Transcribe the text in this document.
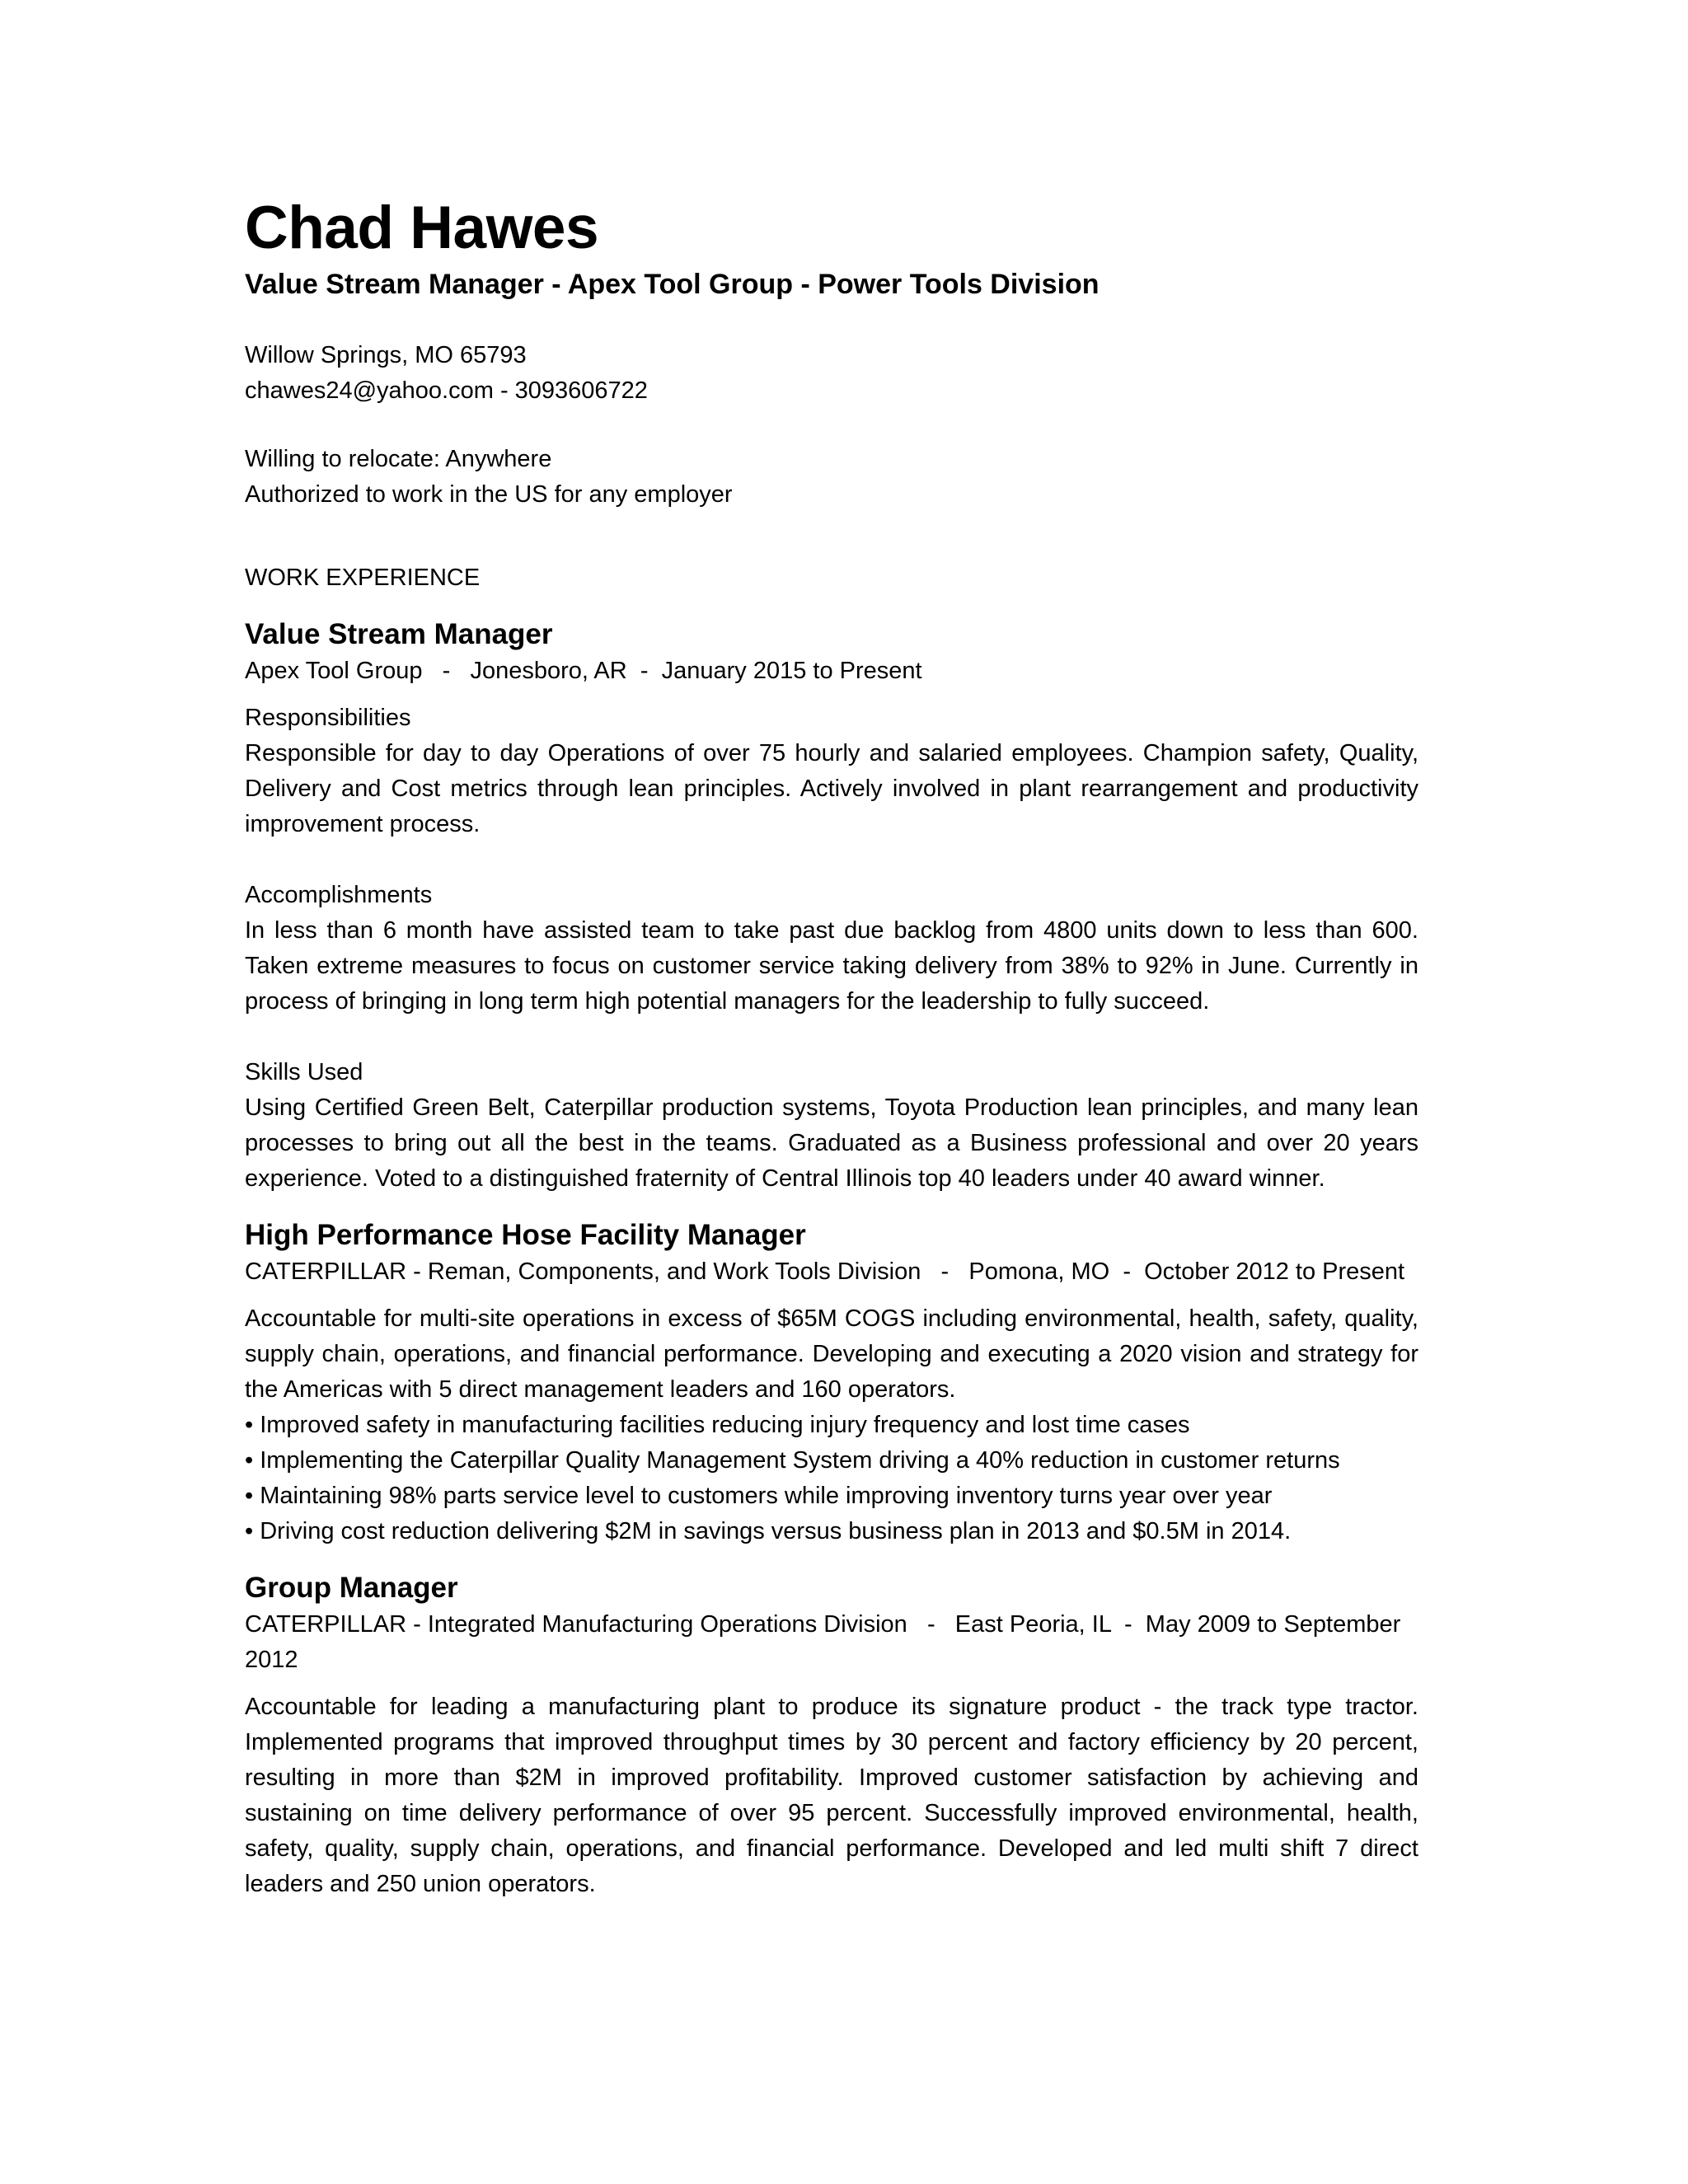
Chad Hawes
Value Stream Manager - Apex Tool Group - Power Tools Division
Willow Springs, MO 65793
chawes24@yahoo.com - 3093606722
Willing to relocate: Anywhere
Authorized to work in the US for any employer
WORK EXPERIENCE
Value Stream Manager
Apex Tool Group   -   Jonesboro, AR  -  January 2015 to Present
Responsibilities
Responsible for day to day Operations of over 75 hourly and salaried employees. Champion safety, Quality, Delivery and Cost metrics through lean principles. Actively involved in plant rearrangement and productivity improvement process.
Accomplishments
In less than 6 month have assisted team to take past due backlog from 4800 units down to less than 600. Taken extreme measures to focus on customer service taking delivery from 38% to 92% in June. Currently in process of bringing in long term high potential managers for the leadership to fully succeed.
Skills Used
Using Certified Green Belt, Caterpillar production systems, Toyota Production lean principles, and many lean processes to bring out all the best in the teams. Graduated as a Business professional and over 20 years experience. Voted to a distinguished fraternity of Central Illinois top 40 leaders under 40 award winner.
High Performance Hose Facility Manager
CATERPILLAR - Reman, Components, and Work Tools Division   -   Pomona, MO  -  October 2012 to Present
Accountable for multi-site operations in excess of $65M COGS including environmental, health, safety, quality, supply chain, operations, and financial performance. Developing and executing a 2020 vision and strategy for the Americas with 5 direct management leaders and 160 operators.
• Improved safety in manufacturing facilities reducing injury frequency and lost time cases
• Implementing the Caterpillar Quality Management System driving a 40% reduction in customer returns
• Maintaining 98% parts service level to customers while improving inventory turns year over year
• Driving cost reduction delivering $2M in savings versus business plan in 2013 and $0.5M in 2014.
Group Manager
CATERPILLAR - Integrated Manufacturing Operations Division   -   East Peoria, IL  -  May 2009 to September 2012
Accountable for leading a manufacturing plant to produce its signature product - the track type tractor. Implemented programs that improved throughput times by 30 percent and factory efficiency by 20 percent, resulting in more than $2M in improved profitability. Improved customer satisfaction by achieving and sustaining on time delivery performance of over 95 percent. Successfully improved environmental, health, safety, quality, supply chain, operations, and financial performance. Developed and led multi shift 7 direct leaders and 250 union operators.
